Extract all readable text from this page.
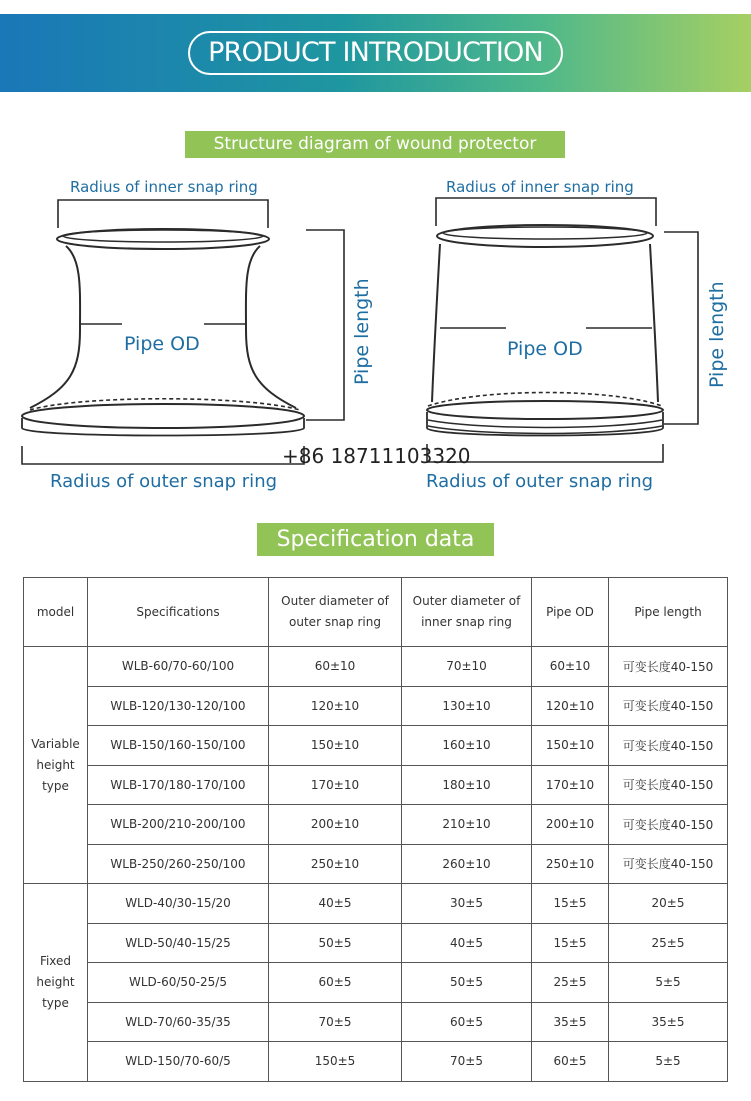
PRODUCT INTRODUCTION
Structure diagram of wound protector
Radius of inner snap ring
Pipe OD	Pipe length
Radius of outer snap ring
Radius of inner snap ring
Pipe OD	Pipe length
Radius of outer snap ring
+86 18711103320
Specification data
model	Specifications	Outer diameter of outer snap ring	Outer diameter of inner snap ring	Pipe OD	Pipe length
Variable height type	WLB-60/70-60/100	60±10	70±10	60±10	可变长度40-150
	WLB-120/130-120/100	120±10	130±10	120±10	可变长度40-150
	WLB-150/160-150/100	150±10	160±10	150±10	可变长度40-150
	WLB-170/180-170/100	170±10	180±10	170±10	可变长度40-150
	WLB-200/210-200/100	200±10	210±10	200±10	可变长度40-150
	WLB-250/260-250/100	250±10	260±10	250±10	可变长度40-150
Fixed height type	WLD-40/30-15/20	40±5	30±5	15±5	20±5
	WLD-50/40-15/25	50±5	40±5	15±5	25±5
	WLD-60/50-25/5	60±5	50±5	25±5	5±5
	WLD-70/60-35/35	70±5	60±5	35±5	35±5
	WLD-150/70-60/5	150±5	70±5	60±5	5±5
